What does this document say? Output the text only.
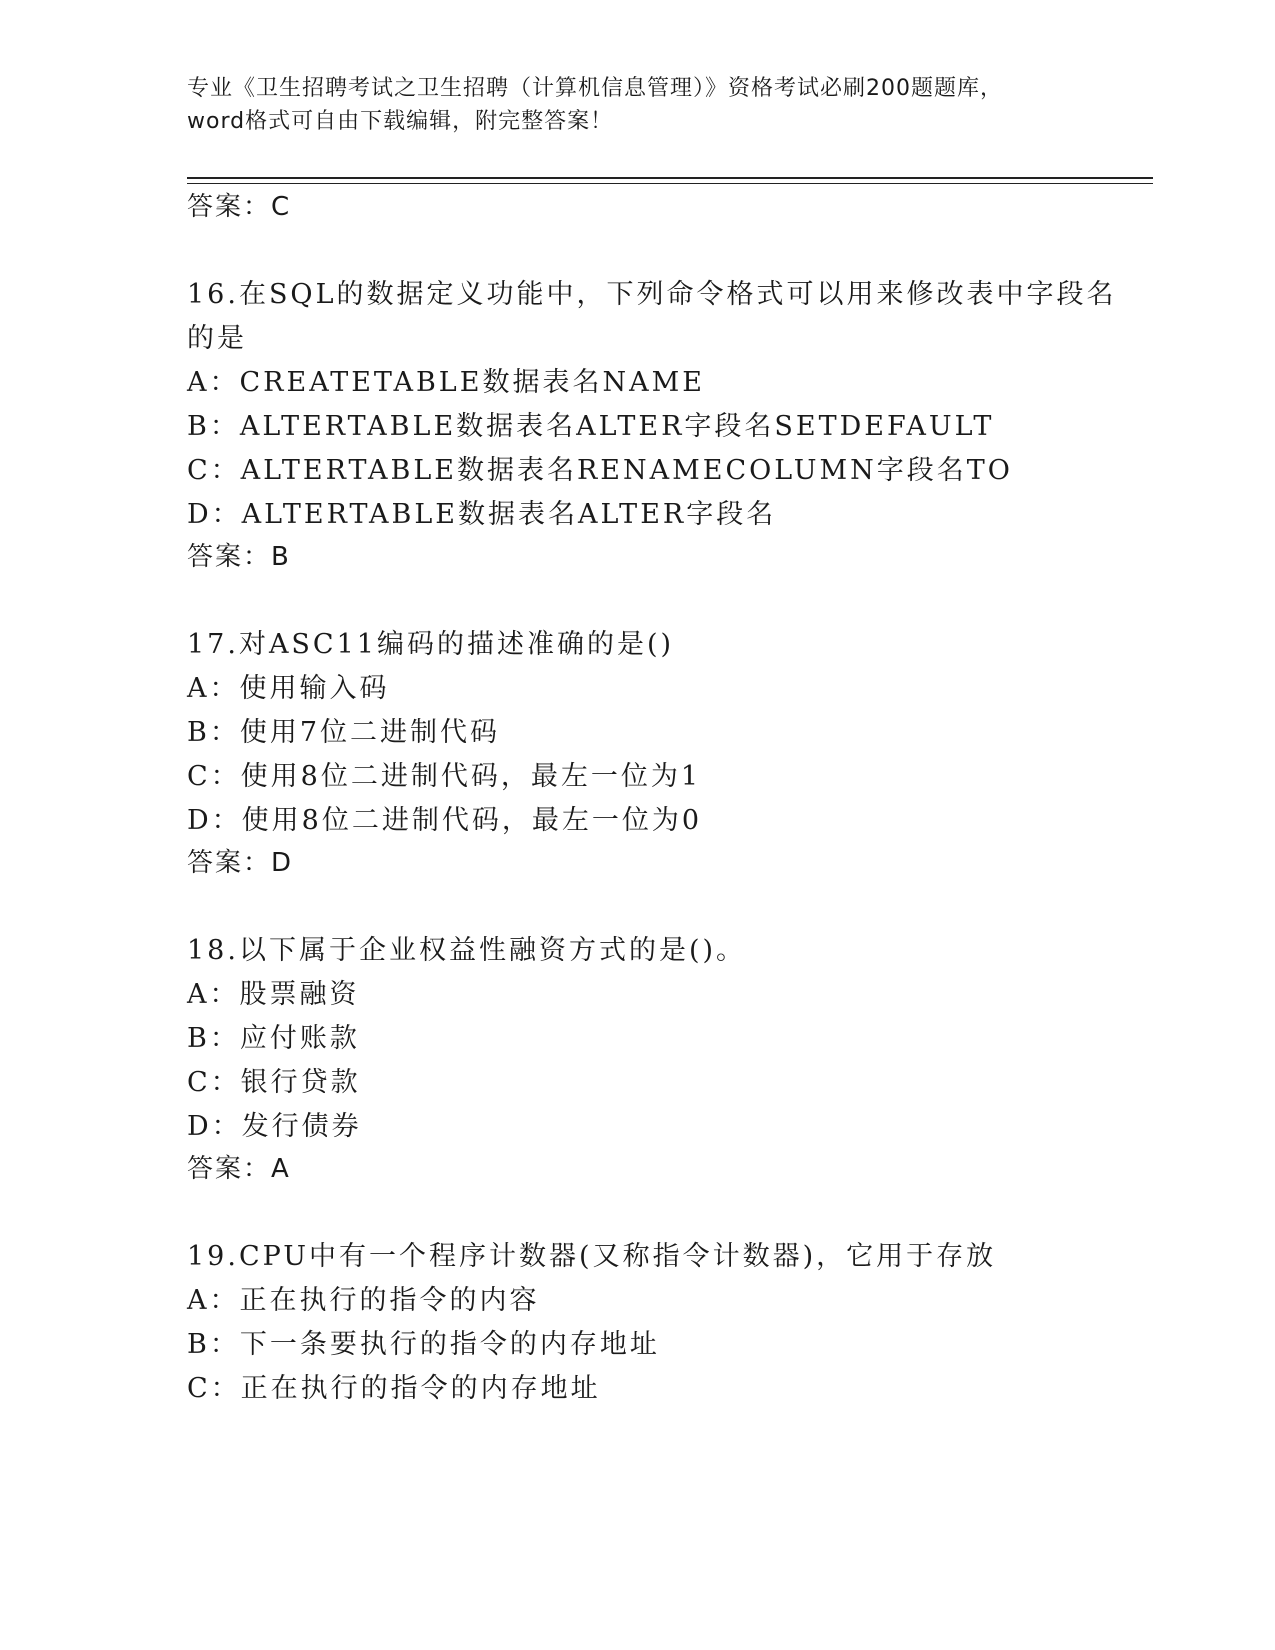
专业《卫生招聘考试之卫生招聘（计算机信息管理）》资格考试必刷200题题库，
word格式可自由下载编辑，附完整答案！
答案：C
16.在SQL的数据定义功能中，下列命令格式可以用来修改表中字段名
的是
A：CREATETABLE数据表名NAME
B：ALTERTABLE数据表名ALTER字段名SETDEFAULT
C：ALTERTABLE数据表名RENAMECOLUMN字段名TO
D：ALTERTABLE数据表名ALTER字段名
答案：B
17.对ASC11编码的描述准确的是()
A：使用输入码
B：使用7位二进制代码
C：使用8位二进制代码，最左一位为1
D：使用8位二进制代码，最左一位为0
答案：D
18.以下属于企业权益性融资方式的是()。
A：股票融资
B：应付账款
C：银行贷款
D：发行债券
答案：A
19.CPU中有一个程序计数器(又称指令计数器)，它用于存放
A：正在执行的指令的内容
B：下一条要执行的指令的内存地址
C：正在执行的指令的内存地址
